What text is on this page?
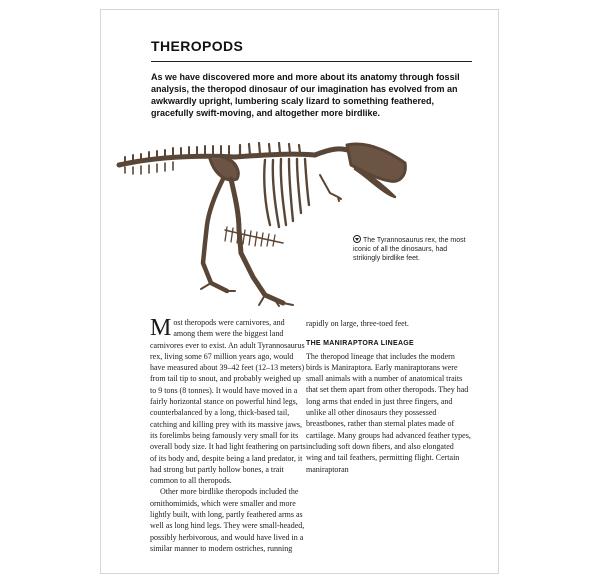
THEROPODS
As we have discovered more and more about its anatomy through fossil analysis, the theropod dinosaur of our imagination has evolved from an awkwardly upright, lumbering scaly lizard to something feathered, gracefully swift-moving, and altogether more birdlike.
The Tyrannosaurus rex, the most iconic of all the dinosaurs, had strikingly birdlike feet.

Most theropods were carnivores, and among them were the biggest land carnivores ever to exist. An adult Tyrannosaurus rex, living some 67 million years ago, would have measured about 39–42 feet (12–13 meters) from tail tip to snout, and probably weighed up to 9 tons (8 tonnes). It would have moved in a fairly horizontal stance on powerful hind legs, counterbalanced by a long, thick-based tail, catching and killing prey with its massive jaws, its forelimbs being famously very small for its overall body size. It had light feathering on parts of its body and, despite being a land predator, it had strong but partly hollow bones, a trait common to all theropods.

Other more birdlike theropods included the ornithomimids, which were smaller and more lightly built, with long, partly feathered arms as well as long hind legs. They were small-headed, possibly herbivorous, and would have lived in a similar manner to modern ostriches, running

rapidly on large, three-toed feet.

THE MANIRAPTORA LINEAGE

The theropod lineage that includes the modern birds is Maniraptora. Early maniraptorans were small animals with a number of anatomical traits that set them apart from other theropods. They had long arms that ended in just three fingers, and unlike all other dinosaurs they possessed breastbones, rather than sternal plates made of cartilage. Many groups had advanced feather types, including soft down fibers, and also elongated wing and tail feathers, permitting flight. Certain maniraptoran
